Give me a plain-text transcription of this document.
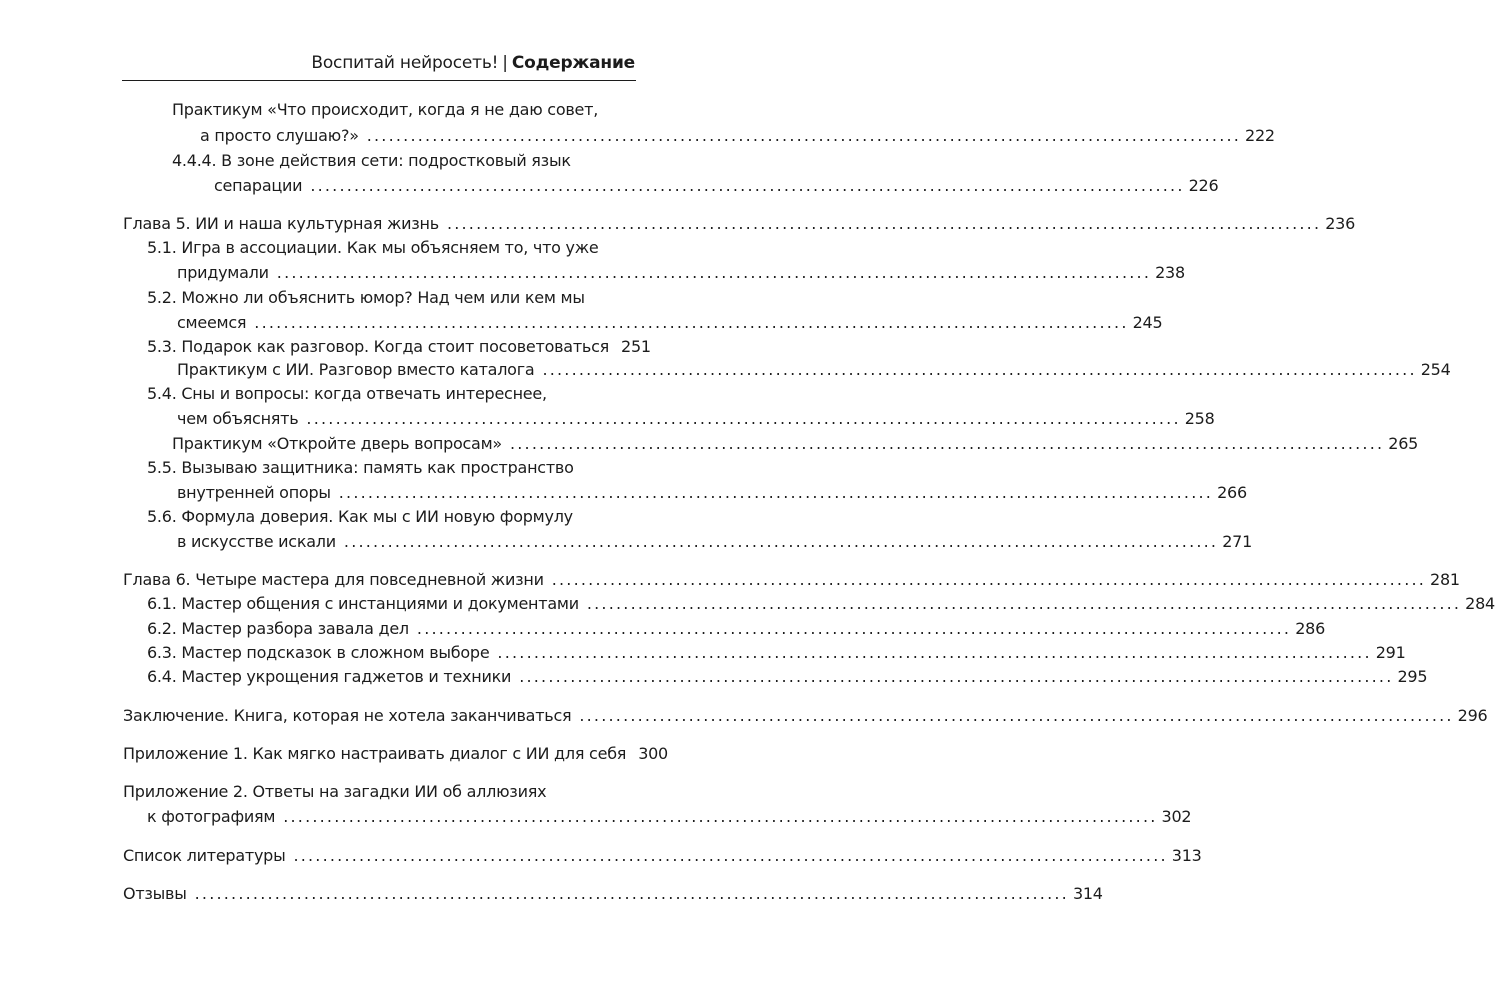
Воспитай нейросеть! | Содержание
Практикум «Что происходит, когда я не даю совет,
а просто слушаю?» ........................................................................................................................ 222
4.4.4. В зоне действия сети: подростковый язык
сепарации ........................................................................................................................ 226
Глава 5. ИИ и наша культурная жизнь ........................................................................................................................ 236
5.1. Игра в ассоциации. Как мы объясняем то, что уже
придумали ........................................................................................................................ 238
5.2. Можно ли объяснить юмор? Над чем или кем мы
смеемся ........................................................................................................................ 245
5.3. Подарок как разговор. Когда стоит посоветоваться 251
Практикум с ИИ. Разговор вместо каталога ........................................................................................................................ 254
5.4. Сны и вопросы: когда отвечать интереснее,
чем объяснять ........................................................................................................................ 258
Практикум «Откройте дверь вопросам» ........................................................................................................................ 265
5.5. Вызываю защитника: память как пространство
внутренней опоры ........................................................................................................................ 266
5.6. Формула доверия. Как мы с ИИ новую формулу
в искусстве искали ........................................................................................................................ 271
Глава 6. Четыре мастера для повседневной жизни ........................................................................................................................ 281
6.1. Мастер общения с инстанциями и документами ........................................................................................................................ 284
6.2. Мастер разбора завала дел ........................................................................................................................ 286
6.3. Мастер подсказок в сложном выборе ........................................................................................................................ 291
6.4. Мастер укрощения гаджетов и техники ........................................................................................................................ 295
Заключение. Книга, которая не хотела заканчиваться ........................................................................................................................ 296
Приложение 1. Как мягко настраивать диалог с ИИ для себя 300
Приложение 2. Ответы на загадки ИИ об аллюзиях
к фотографиям ........................................................................................................................ 302
Список литературы ........................................................................................................................ 313
Отзывы ........................................................................................................................ 314
